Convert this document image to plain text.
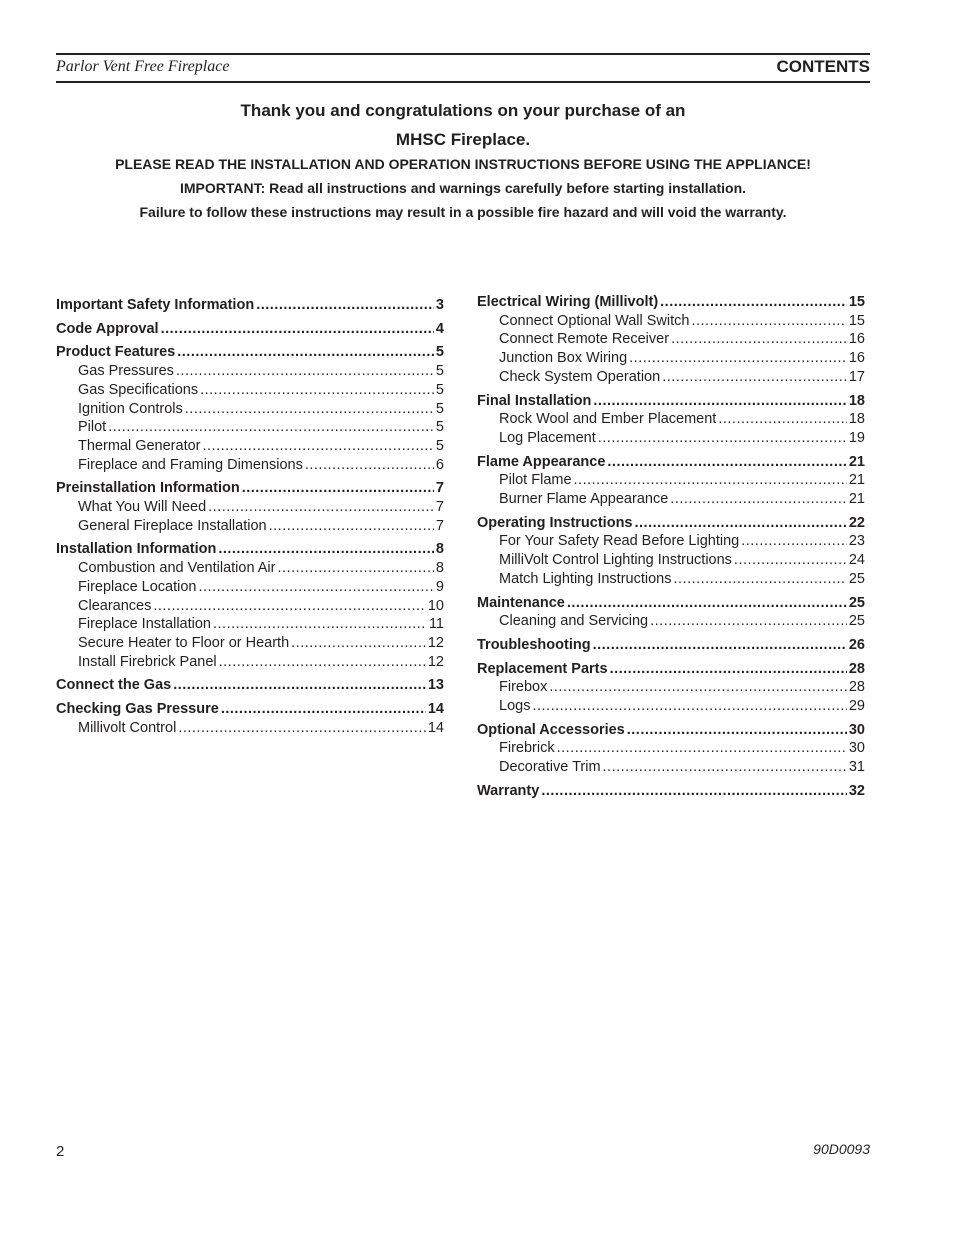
Parlor Vent Free Fireplace	CONTENTS
Thank you and congratulations on your purchase of an
MHSC Fireplace.
PLEASE READ THE INSTALLATION AND OPERATION INSTRUCTIONS BEFORE USING THE APPLIANCE!
IMPORTANT: Read all instructions and warnings carefully before starting installation.
Failure to follow these instructions may result in a possible fire hazard and will void the warranty.
Important Safety Information .....	3
Code Approval .....	4
Product Features .....	5
Gas Pressures .....	5
Gas Specifications .....	5
Ignition Controls .....	5
Pilot .....	5
Thermal Generator .....	5
Fireplace and Framing Dimensions .....	6
Preinstallation Information .....	7
What You Will Need .....	7
General Fireplace Installation .....	7
Installation Information .....	8
Combustion and Ventilation Air .....	8
Fireplace Location .....	9
Clearances .....	10
Fireplace Installation .....	11
Secure Heater to Floor or Hearth .....	12
Install Firebrick Panel .....	12
Connect the Gas .....	13
Checking Gas Pressure .....	14
Millivolt Control .....	14
Electrical Wiring (Millivolt) .....	15
Connect Optional Wall Switch .....	15
Connect Remote Receiver .....	16
Junction Box Wiring .....	16
Check System Operation .....	17
Final Installation .....	18
Rock Wool and Ember Placement .....	18
Log Placement .....	19
Flame Appearance .....	21
Pilot Flame .....	21
Burner Flame Appearance .....	21
Operating Instructions .....	22
For Your Safety Read Before Lighting .....	23
MilliVolt Control Lighting Instructions .....	24
Match Lighting Instructions .....	25
Maintenance .....	25
Cleaning and Servicing .....	25
Troubleshooting .....	26
Replacement Parts .....	28
Firebox .....	28
Logs .....	29
Optional Accessories .....	30
Firebrick .....	30
Decorative Trim .....	31
Warranty .....	32
2	90D0093
